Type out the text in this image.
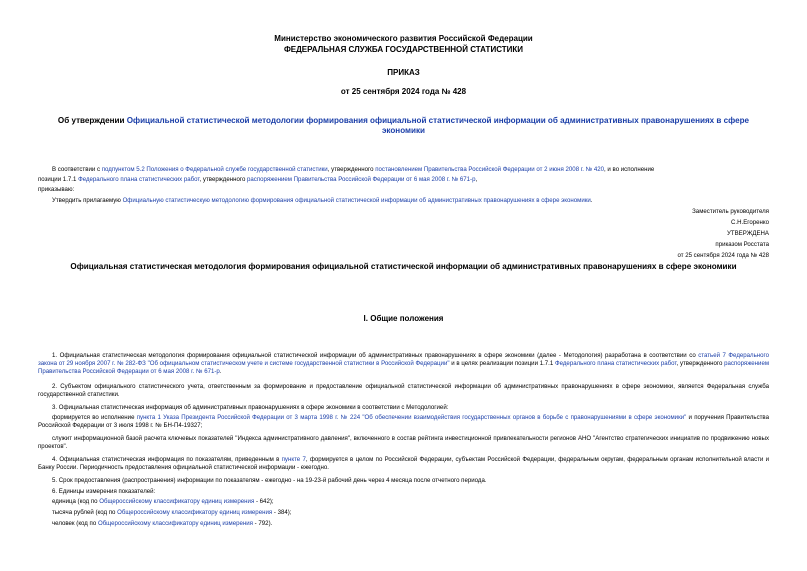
Министерство экономического развития Российской Федерации
ФЕДЕРАЛЬНАЯ СЛУЖБА ГОСУДАРСТВЕННОЙ СТАТИСТИКИ
ПРИКАЗ
от 25 сентября 2024 года № 428
Об утверждении Официальной статистической методологии формирования официальной статистической информации об административных правонарушениях в сфере экономики
В соответствии с подпунктом 5.2 Положения о Федеральной службе государственной статистики, утвержденного постановлением Правительства Российской Федерации от 2 июня 2008 г. № 420, и во исполнение
позиции 1.7.1 Федерального плана статистических работ, утвержденного распоряжением Правительства Российской Федерации от 6 мая 2008 г. № 671-р,
приказываю:
Утвердить прилагаемую Официальную статистическую методологию формирования официальной статистической информации об административных правонарушениях в сфере экономики.
Заместитель руководителя
С.Н.Егоренко
УТВЕРЖДЕНА
приказом Росстата
от 25 сентября 2024 года № 428
Официальная статистическая методология формирования официальной статистической информации об административных правонарушениях в сфере экономики
I. Общие положения
1. Официальная статистическая методология формирования официальной статистической информации об административных правонарушениях в сфере экономики (далее - Методология) разработана в соответствии со статьей 7 Федерального закона от 29 ноября 2007 г. № 282-ФЗ "Об официальном статистическом учете и системе государственной статистики в Российской Федерации" и в целях реализации позиции 1.7.1 Федерального плана статистических работ, утвержденного распоряжением Правительства Российской Федерации от 6 мая 2008 г. № 671-р.
2. Субъектом официального статистического учета, ответственным за формирование и предоставление официальной статистической информации об административных правонарушениях в сфере экономики, является Федеральная служба государственной статистики.
3. Официальная статистическая информация об административных правонарушениях в сфере экономики в соответствии с Методологией:
формируется во исполнение пункта 1 Указа Президента Российской Федерации от 3 марта 1998 г. № 224 "Об обеспечении взаимодействия государственных органов в борьбе с правонарушениями в сфере экономики" и поручения Правительства Российской Федерации от 3 июля 1998 г. № БН-П4-19327;
служит информационной базой расчета ключевых показателей "Индекса административного давления", включенного в состав рейтинга инвестиционной привлекательности регионов АНО "Агентство стратегических инициатив по продвижению новых проектов".
4. Официальная статистическая информация по показателям, приведенным в пункте 7, формируется в целом по Российской Федерации, субъектам Российской Федерации, федеральным округам, федеральным органам исполнительной власти и Банку России. Периодичность предоставления официальной статистической информации - ежегодно.
5. Срок предоставления (распространения) информации по показателям - ежегодно - на 19-23-й рабочий день через 4 месяца после отчетного периода.
6. Единицы измерения показателей:
единица (код по Общероссийскому классификатору единиц измерения - 642);
тысяча рублей (код по Общероссийскому классификатору единиц измерения - 384);
человек (код по Общероссийскому классификатору единиц измерения - 792).
